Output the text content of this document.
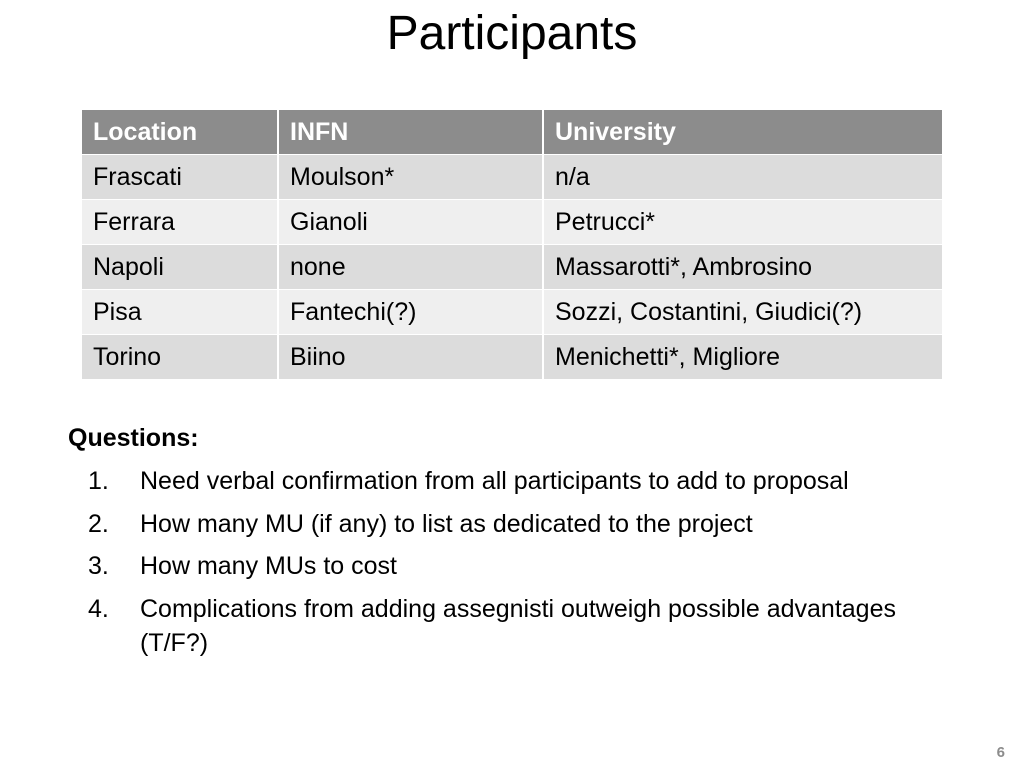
Participants
Location	INFN	University
Frascati	Moulson*	n/a
Ferrara	Gianoli	Petrucci*
Napoli	none	Massarotti*, Ambrosino
Pisa	Fantechi(?)	Sozzi, Costantini, Giudici(?)
Torino	Biino	Menichetti*, Migliore
Questions:
1. Need verbal confirmation from all participants to add to proposal
2. How many MU (if any) to list as dedicated to the project
3. How many MUs to cost
4. Complications from adding assegnisti outweigh possible advantages (T/F?)
6
